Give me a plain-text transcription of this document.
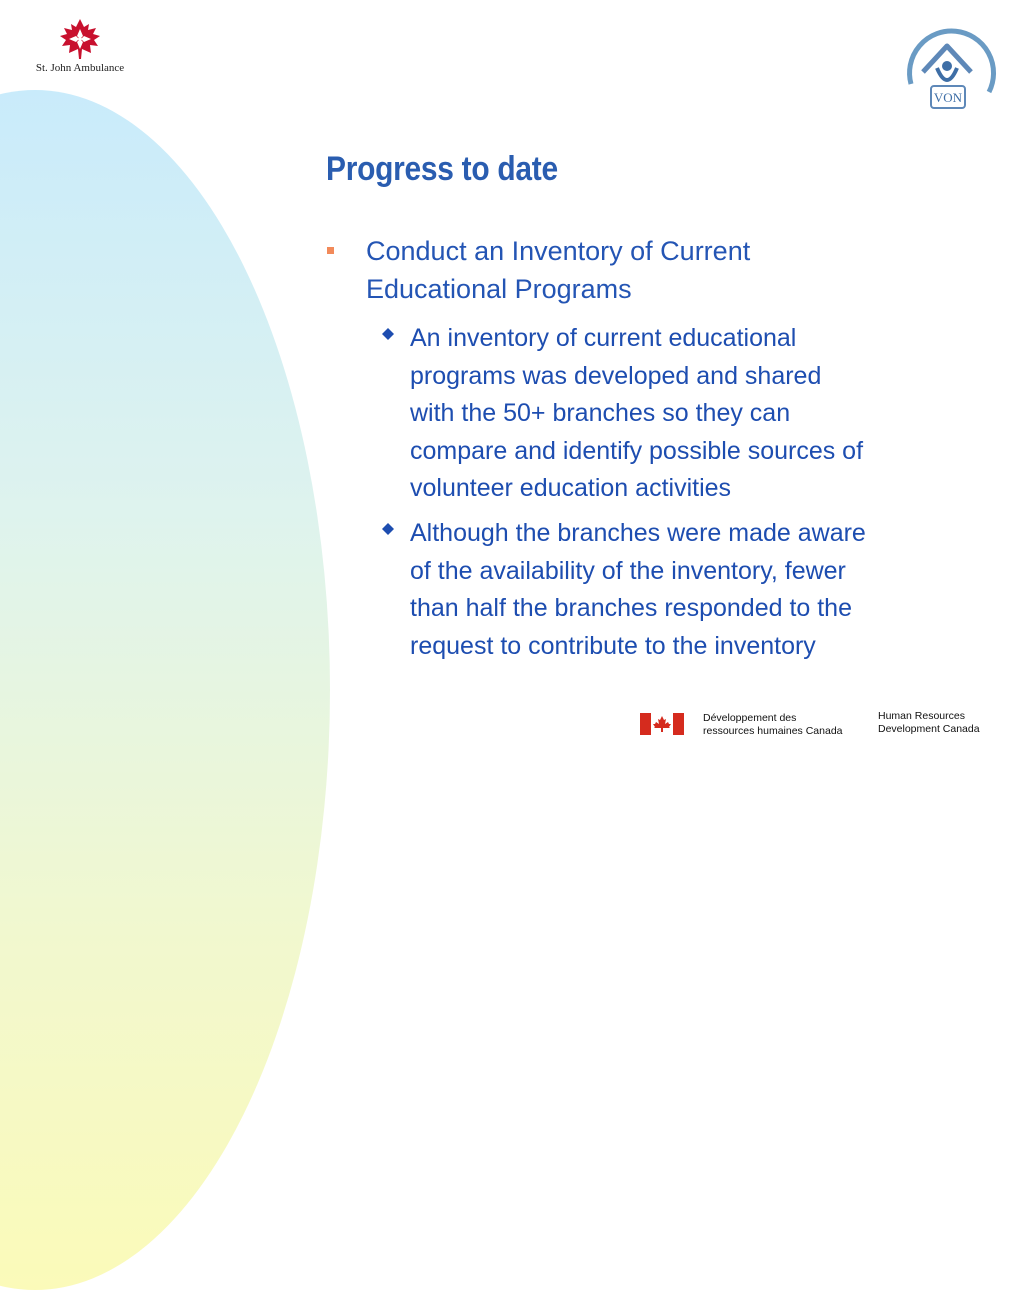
St. John Ambulance
VON
Progress to date
Conduct an Inventory of Current
Educational Programs
An inventory of current educational
programs was developed and shared
with the 50+ branches so they can
compare and identify possible sources of
volunteer education activities
Although the branches were made aware
of the availability of the inventory, fewer
than half the branches responded to the
request to contribute to the inventory
Développement des
ressources humaines Canada
Human Resources
Development Canada
